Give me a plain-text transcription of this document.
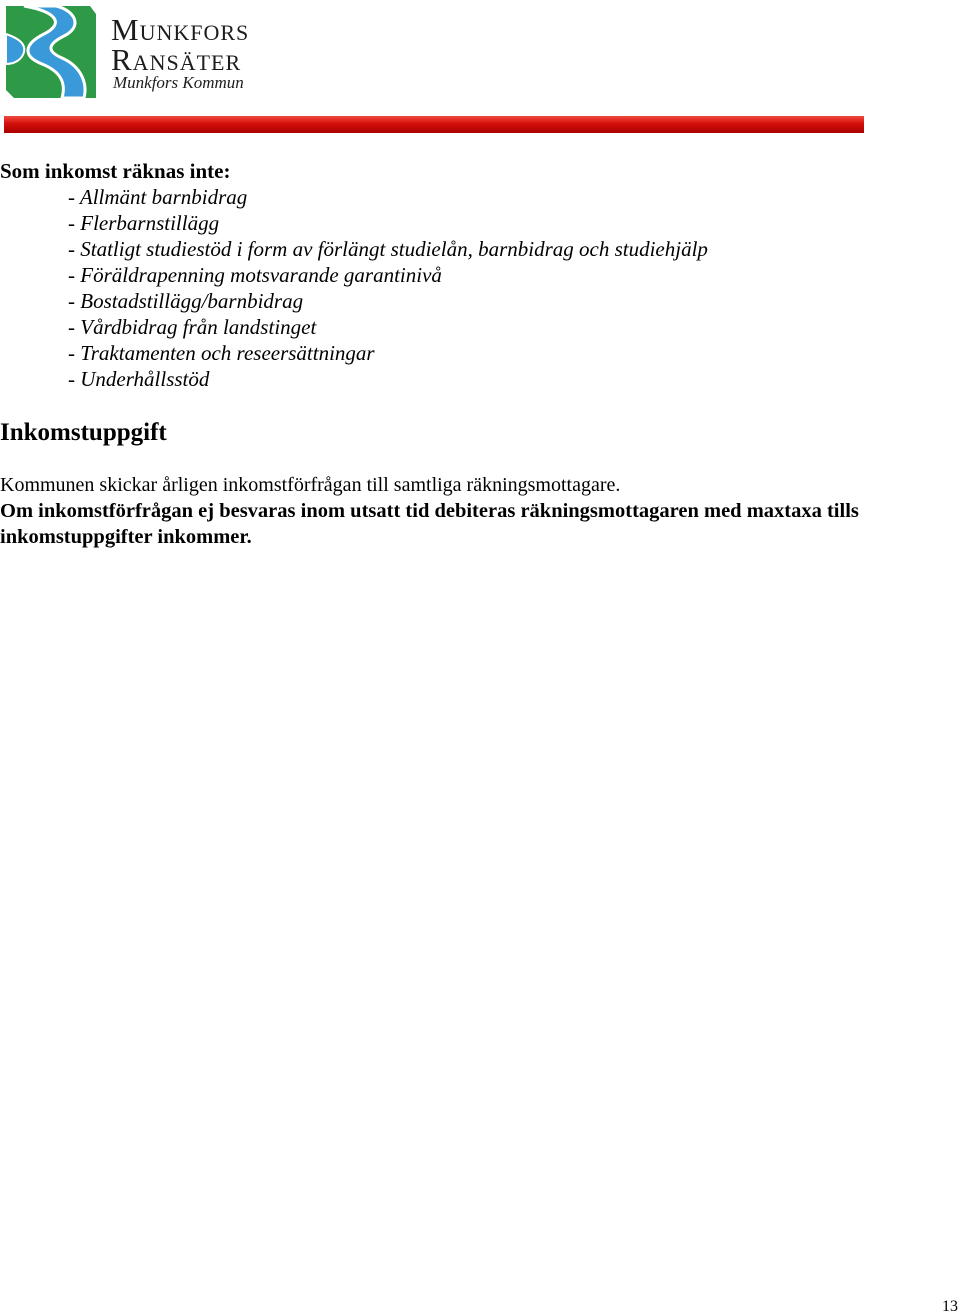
Munkfors
Ransäter
Munkfors Kommun

Som inkomst räknas inte:

- Allmänt barnbidrag
- Flerbarnstillägg
- Statligt studiestöd i form av förlängt studielån, barnbidrag och studiehjälp
- Föräldrapenning motsvarande garantinivå
- Bostadstillägg/barnbidrag
- Vårdbidrag från landstinget
- Traktamenten och reseersättningar
- Underhållsstöd

Inkomstuppgift

Kommunen skickar årligen inkomstförfrågan till samtliga räkningsmottagare.

Om inkomstförfrågan ej besvaras inom utsatt tid debiteras räkningsmottagaren med maxtaxa tills inkomstuppgifter inkommer.

13
